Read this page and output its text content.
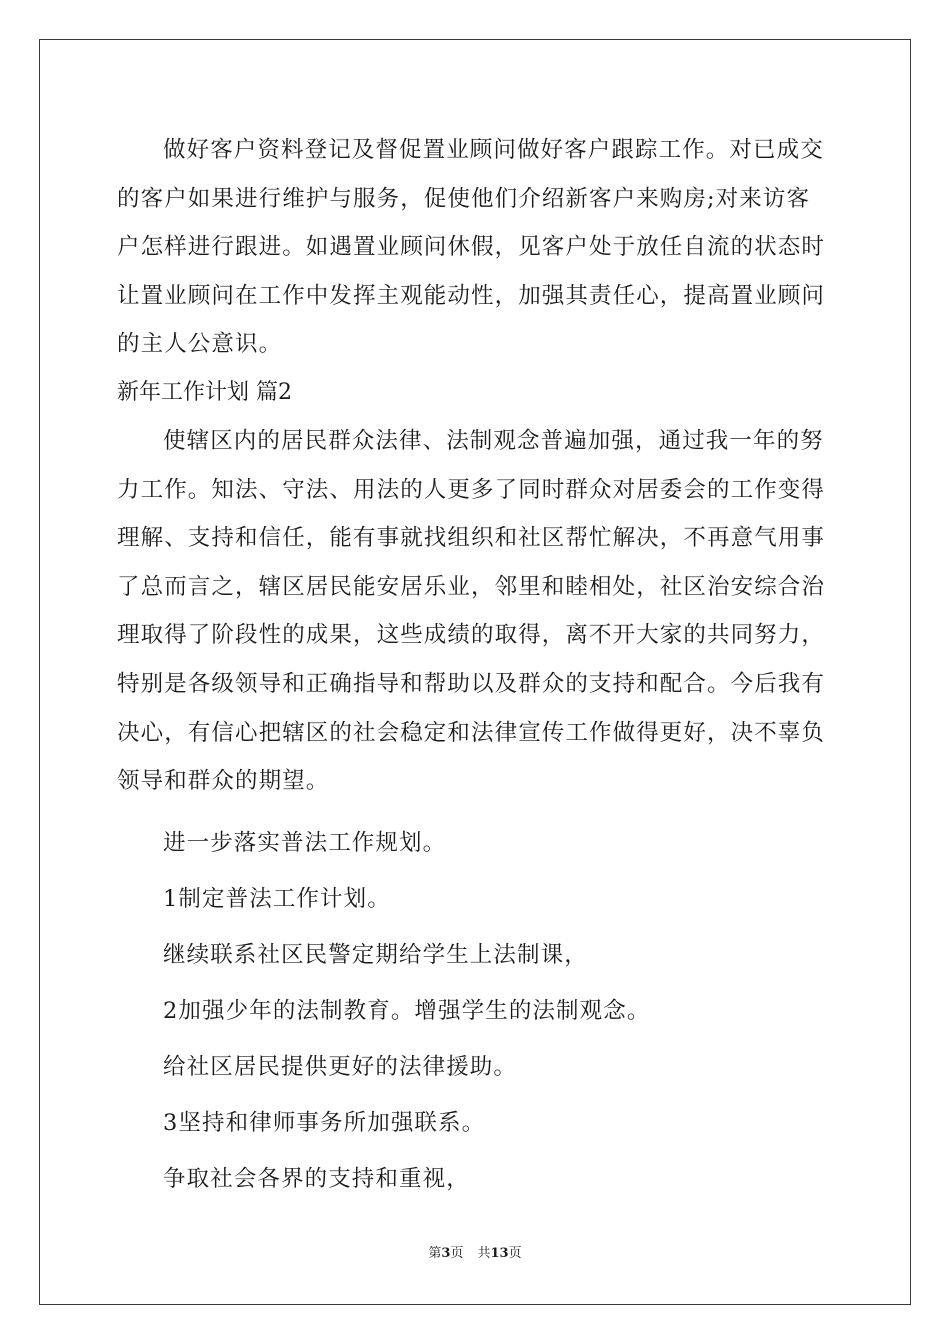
做好客户资料登记及督促置业顾问做好客户跟踪工作。对已成交
的客户如果进行维护与服务，促使他们介绍新客户来购房;对来访客
户怎样进行跟进。如遇置业顾问休假，见客户处于放任自流的状态时
让置业顾问在工作中发挥主观能动性，加强其责任心，提高置业顾问
的主人公意识。
新年工作计划 篇2
使辖区内的居民群众法律、法制观念普遍加强，通过我一年的努
力工作。知法、守法、用法的人更多了同时群众对居委会的工作变得
理解、支持和信任，能有事就找组织和社区帮忙解决，不再意气用事
了总而言之，辖区居民能安居乐业，邻里和睦相处，社区治安综合治
理取得了阶段性的成果，这些成绩的取得，离不开大家的共同努力，
特别是各级领导和正确指导和帮助以及群众的支持和配合。今后我有
决心，有信心把辖区的社会稳定和法律宣传工作做得更好，决不辜负
领导和群众的期望。
进一步落实普法工作规划。
1制定普法工作计划。
继续联系社区民警定期给学生上法制课，
2加强少年的法制教育。增强学生的法制观念。
给社区居民提供更好的法律援助。
3坚持和律师事务所加强联系。
争取社会各界的支持和重视，
第3页 共13页
